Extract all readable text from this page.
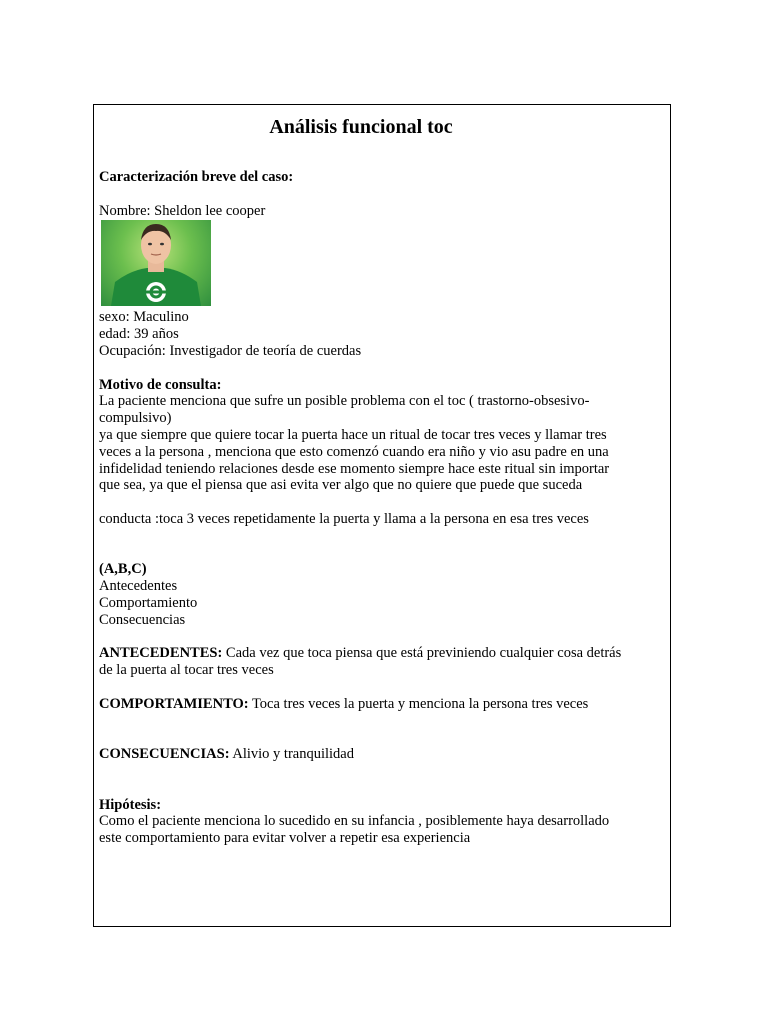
Análisis funcional toc

Caracterización breve del caso:

Nombre: Sheldon lee cooper

sexo: Maculino

edad: 39 años

Ocupación: Investigador de teoría de cuerdas

Motivo de consulta:

La paciente menciona que sufre un posible problema con el toc ( trastorno-obsesivo-

compulsivo)

ya que siempre que quiere tocar la puerta hace un ritual de tocar tres veces y llamar tres

veces a la persona , menciona que esto comenzó cuando era niño y vio asu padre en una

infidelidad teniendo relaciones desde ese momento siempre hace este ritual sin importar

que sea, ya que el piensa que asi evita ver algo que no quiere que puede que suceda

conducta :toca 3 veces repetidamente la puerta y llama a la persona en esa tres veces

(A,B,C)

Antecedentes

Comportamiento

Consecuencias

ANTECEDENTES: Cada vez que toca piensa que está previniendo cualquier cosa detrás

de la puerta al tocar tres veces

COMPORTAMIENTO: Toca tres veces la puerta y menciona la persona tres veces

CONSECUENCIAS: Alivio y tranquilidad

Hipótesis:

Como el paciente menciona lo sucedido en su infancia , posiblemente haya desarrollado

este comportamiento para evitar volver a repetir esa experiencia
